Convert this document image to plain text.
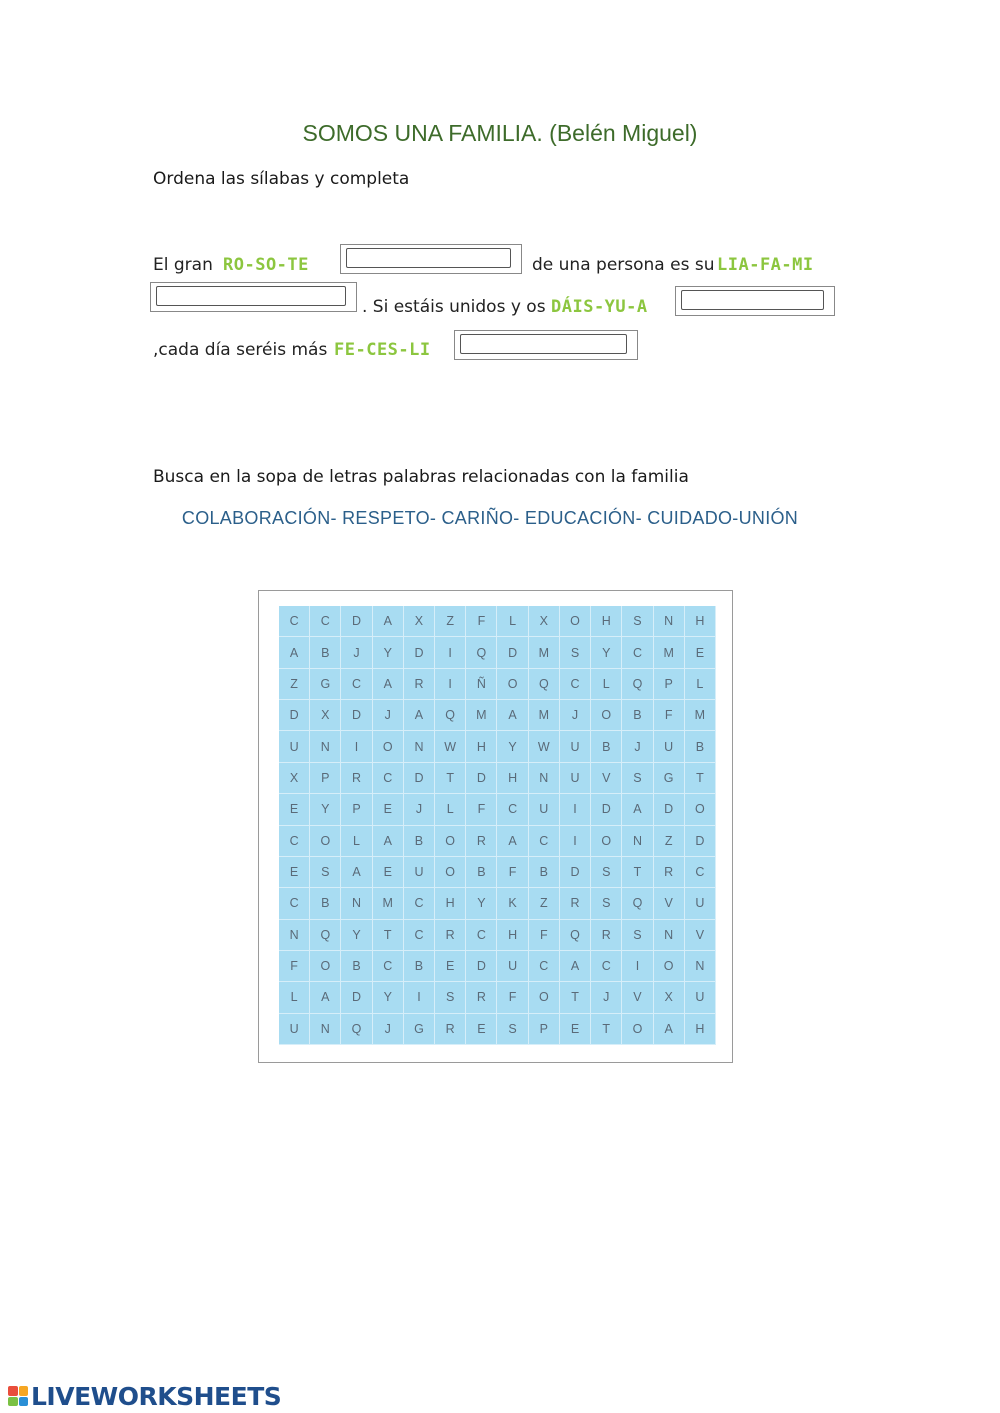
SOMOS UNA FAMILIA. (Belén Miguel)
Ordena las sílabas y completa
El gran RO-SO-TE	de una persona es su LIA-FA-MI
. Si estáis unidos y os DÁIS-YU-A
,cada día seréis más FE-CES-LI
Busca en la sopa de letras palabras relacionadas con la familia
COLABORACIÓN- RESPETO- CARIÑO- EDUCACIÓN- CUIDADO-UNIÓN
C	C	D	A	X	Z	F	L	X	O	H	S	N	H
A	B	J	Y	D	I	Q	D	M	S	Y	C	M	E
Z	G	C	A	R	I	Ñ	O	Q	C	L	Q	P	L
D	X	D	J	A	Q	M	A	M	J	O	B	F	M
U	N	I	O	N	W	H	Y	W	U	B	J	U	B
X	P	R	C	D	T	D	H	N	U	V	S	G	T
E	Y	P	E	J	L	F	C	U	I	D	A	D	O
C	O	L	A	B	O	R	A	C	I	O	N	Z	D
E	S	A	E	U	O	B	F	B	D	S	T	R	C
C	B	N	M	C	H	Y	K	Z	R	S	Q	V	U
N	Q	Y	T	C	R	C	H	F	Q	R	S	N	V
F	O	B	C	B	E	D	U	C	A	C	I	O	N
L	A	D	Y	I	S	R	F	O	T	J	V	X	U
U	N	Q	J	G	R	E	S	P	E	T	O	A	H
LIVEWORKSHEETS
